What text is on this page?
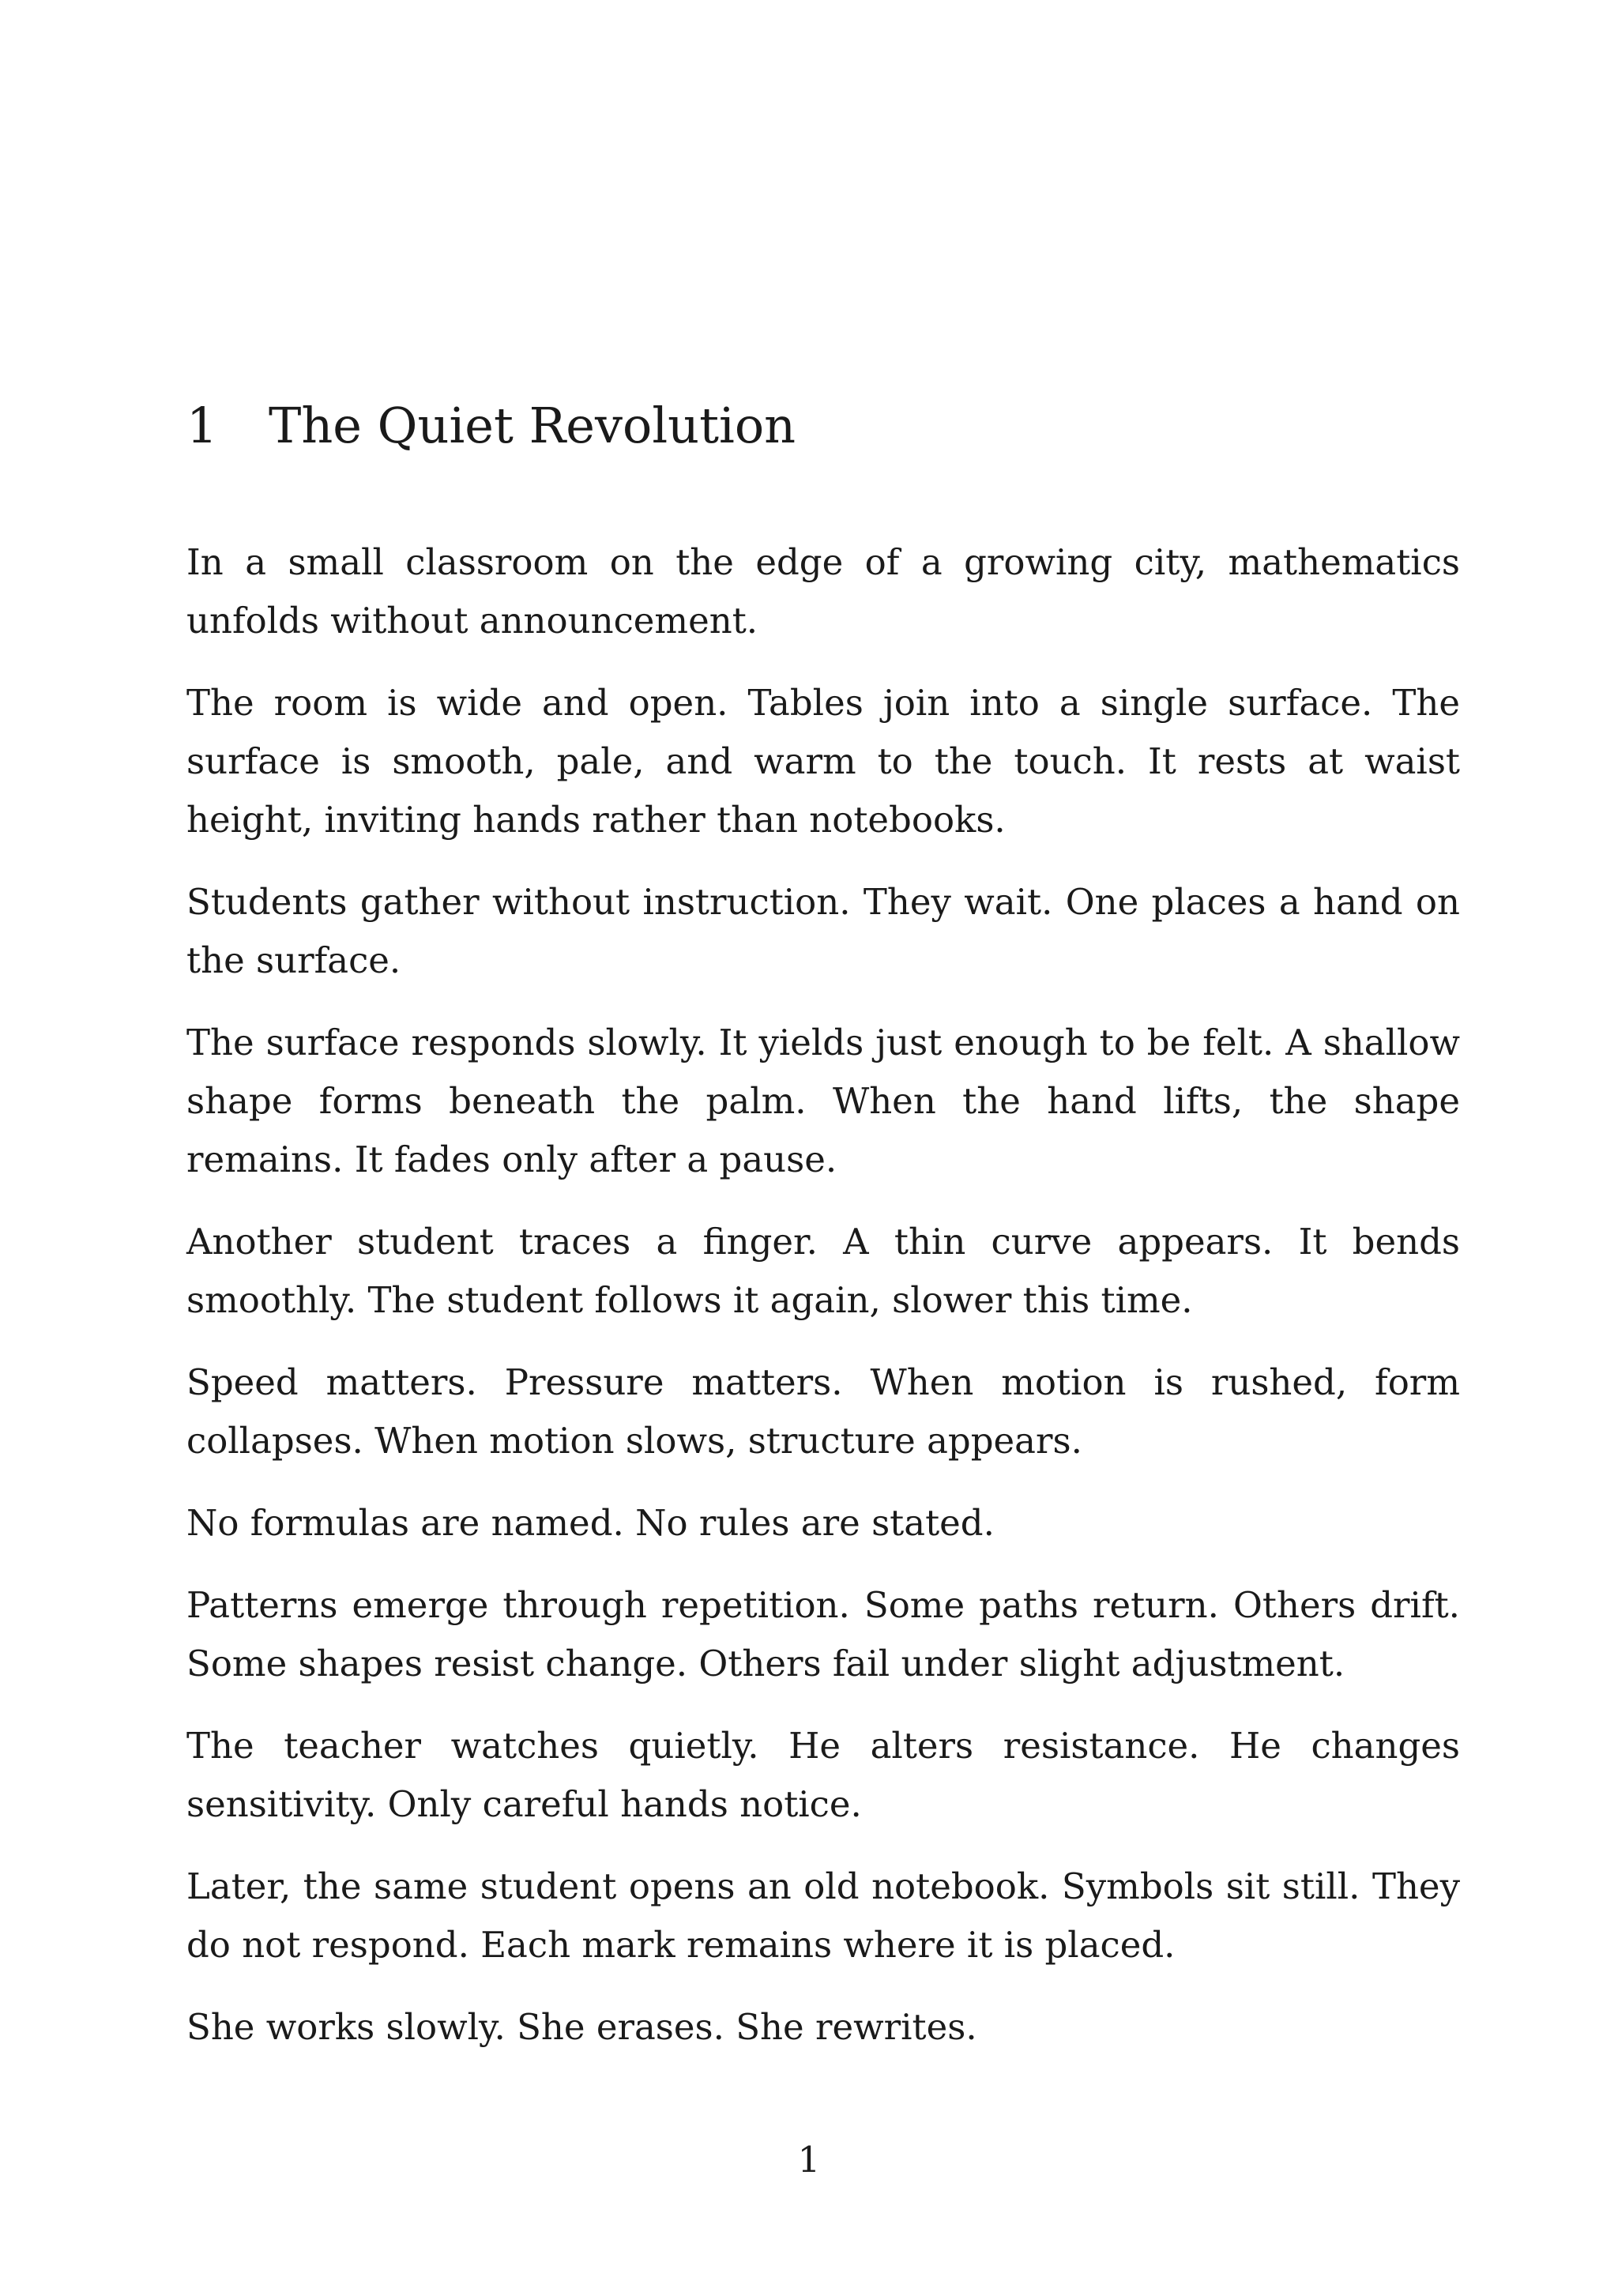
1 The Quiet Revolution

In a small classroom on the edge of a growing city, mathematics unfolds without announcement.

The room is wide and open. Tables join into a single surface. The surface is smooth, pale, and warm to the touch. It rests at waist height, inviting hands rather than notebooks.

Students gather without instruction. They wait. One places a hand on the surface.

The surface responds slowly. It yields just enough to be felt. A shallow shape forms beneath the palm. When the hand lifts, the shape remains. It fades only after a pause.

Another student traces a finger. A thin curve appears. It bends smoothly. The student follows it again, slower this time.

Speed matters. Pressure matters. When motion is rushed, form collapses. When motion slows, structure appears.

No formulas are named. No rules are stated.

Patterns emerge through repetition. Some paths return. Others drift. Some shapes resist change. Others fail under slight adjustment.

The teacher watches quietly. He alters resistance. He changes sensitivity. Only careful hands notice.

Later, the same student opens an old notebook. Symbols sit still. They do not respond. Each mark remains where it is placed.

She works slowly. She erases. She rewrites.

1
